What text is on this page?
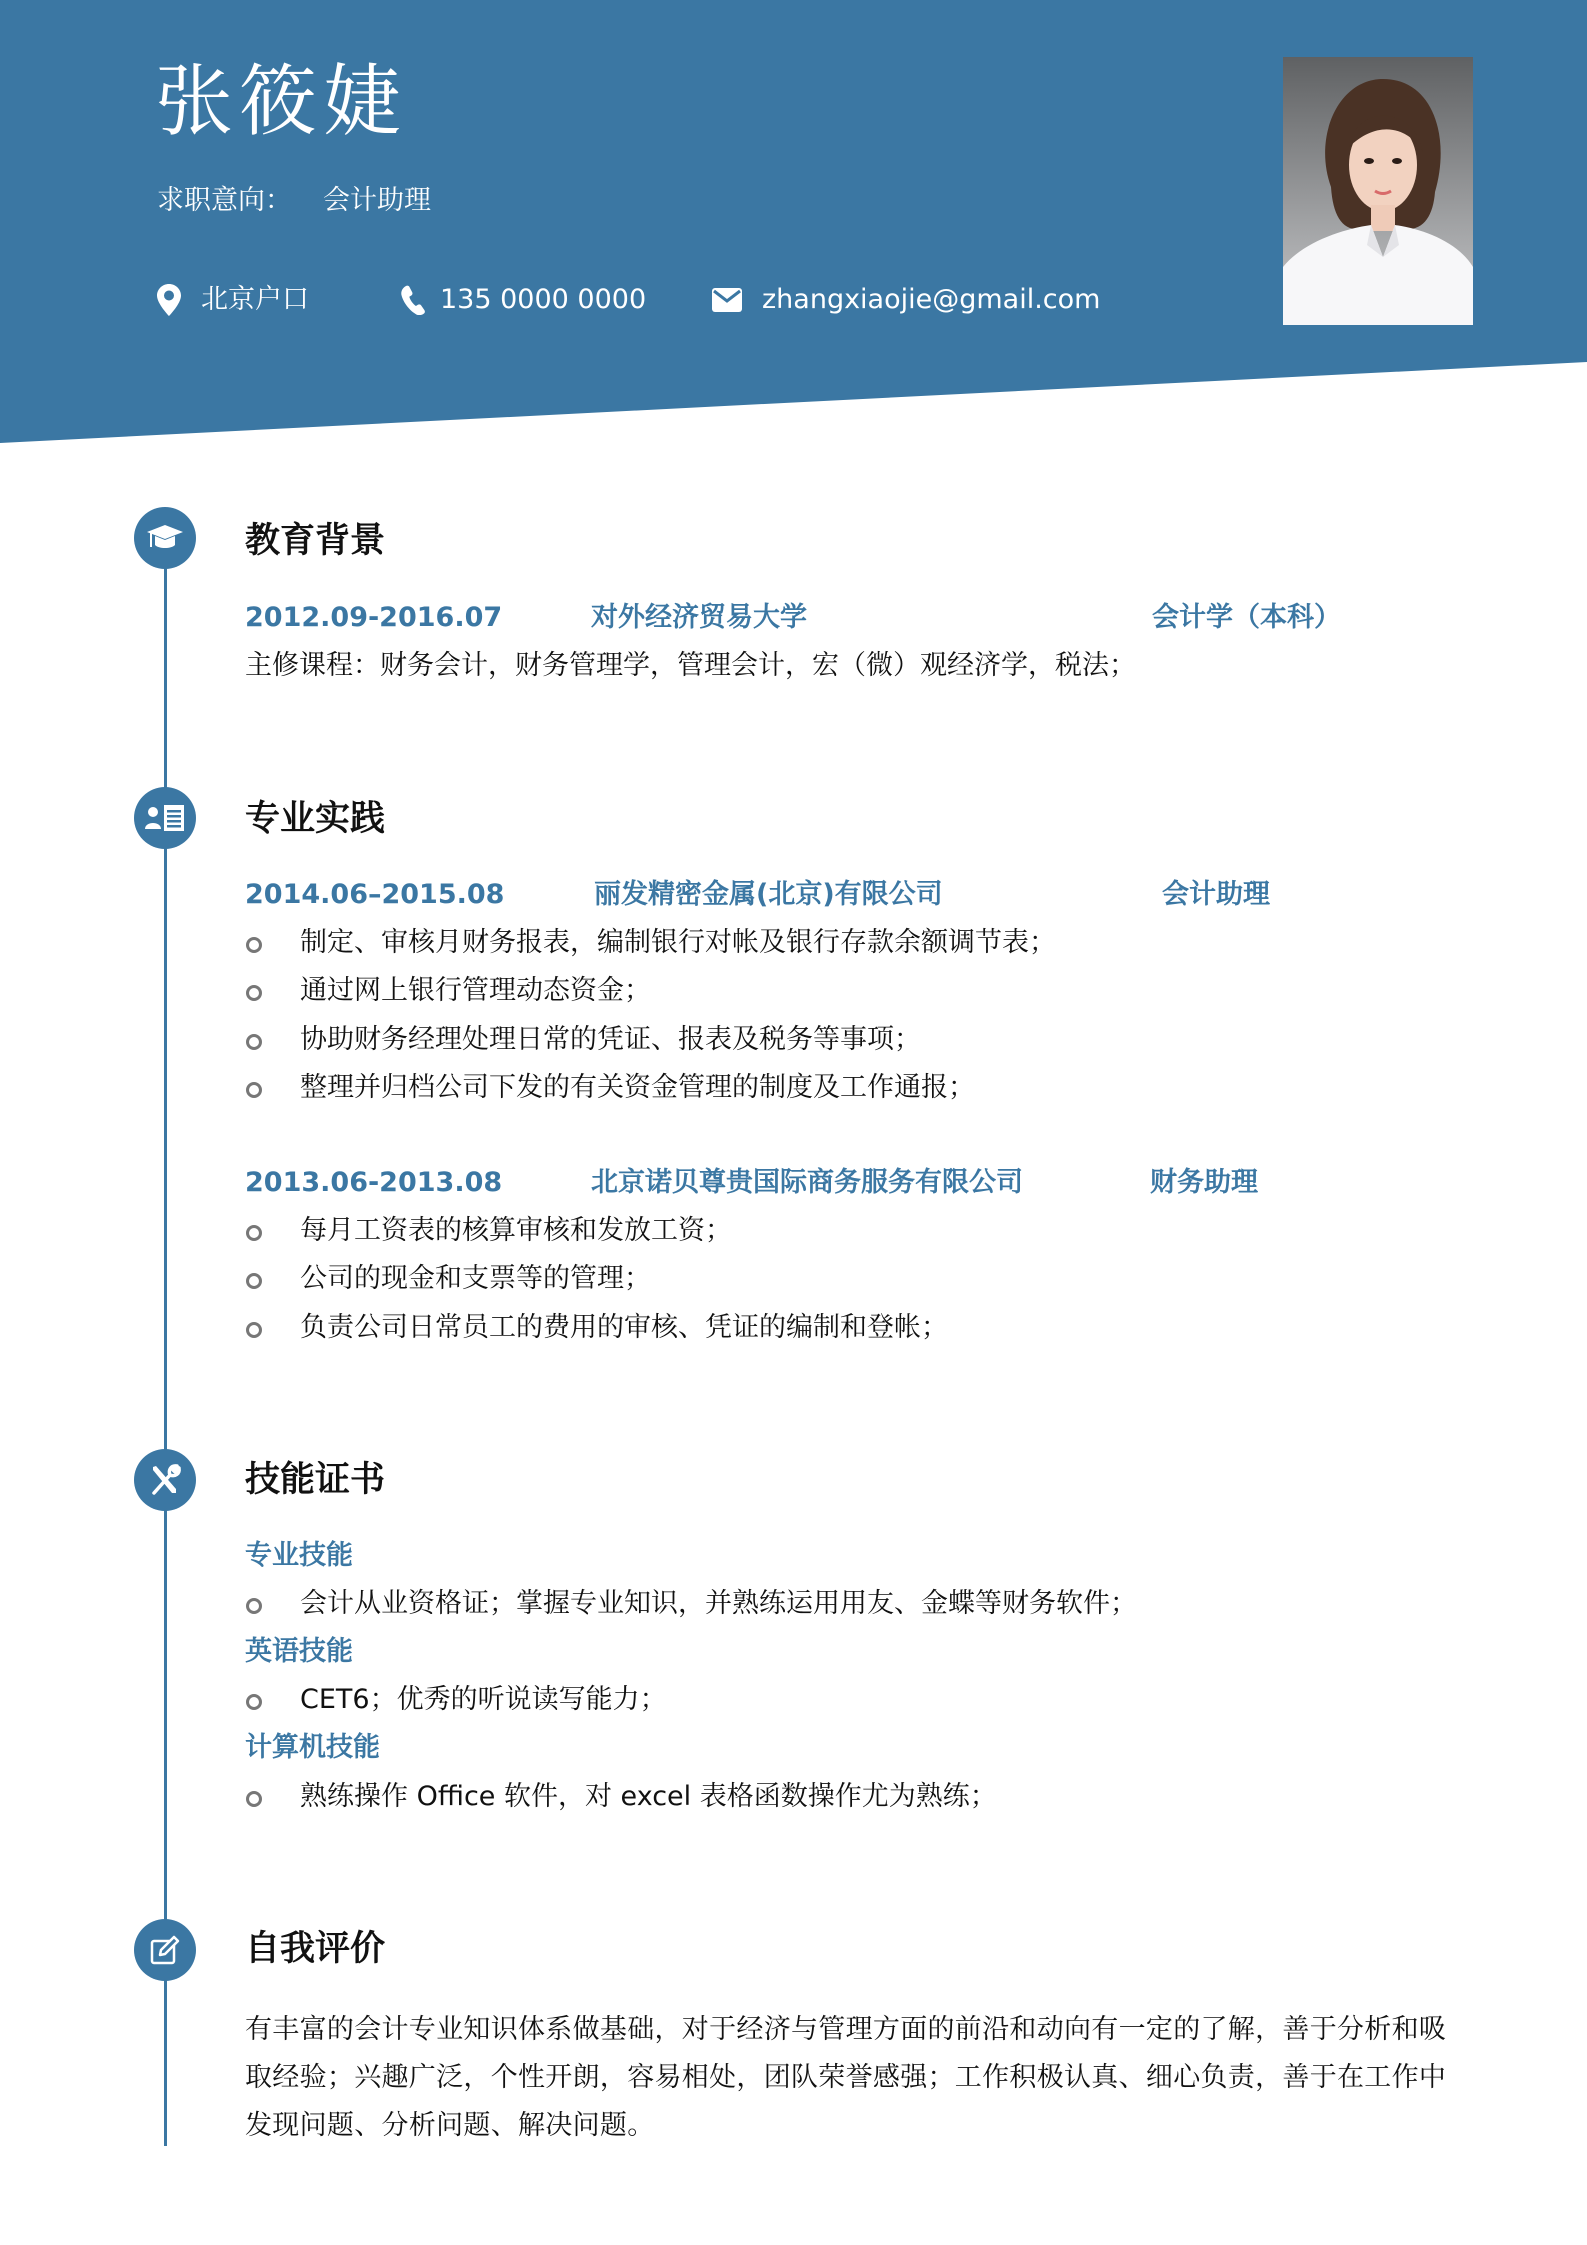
张筱婕
求职意向： 会计助理
北京户口	135 0000 0000	zhangxiaojie@gmail.com
教育背景
2012.09-2016.07	对外经济贸易大学	会计学（本科）
主修课程：财务会计，财务管理学，管理会计，宏（微）观经济学，税法；
专业实践
2014.06–2015.08	丽发精密金属(北京)有限公司	会计助理
制定、审核月财务报表，编制银行对帐及银行存款余额调节表；
通过网上银行管理动态资金；
协助财务经理处理日常的凭证、报表及税务等事项；
整理并归档公司下发的有关资金管理的制度及工作通报；
2013.06-2013.08	北京诺贝尊贵国际商务服务有限公司	财务助理
每月工资表的核算审核和发放工资；
公司的现金和支票等的管理；
负责公司日常员工的费用的审核、凭证的编制和登帐；
技能证书
专业技能
会计从业资格证；掌握专业知识，并熟练运用用友、金蝶等财务软件；
英语技能
CET6；优秀的听说读写能力；
计算机技能
熟练操作 Office 软件，对 excel 表格函数操作尤为熟练；
自我评价
有丰富的会计专业知识体系做基础，对于经济与管理方面的前沿和动向有一定的了解，善于分析和吸取经验；兴趣广泛，个性开朗，容易相处，团队荣誉感强；工作积极认真、细心负责，善于在工作中发现问题、分析问题、解决问题。
